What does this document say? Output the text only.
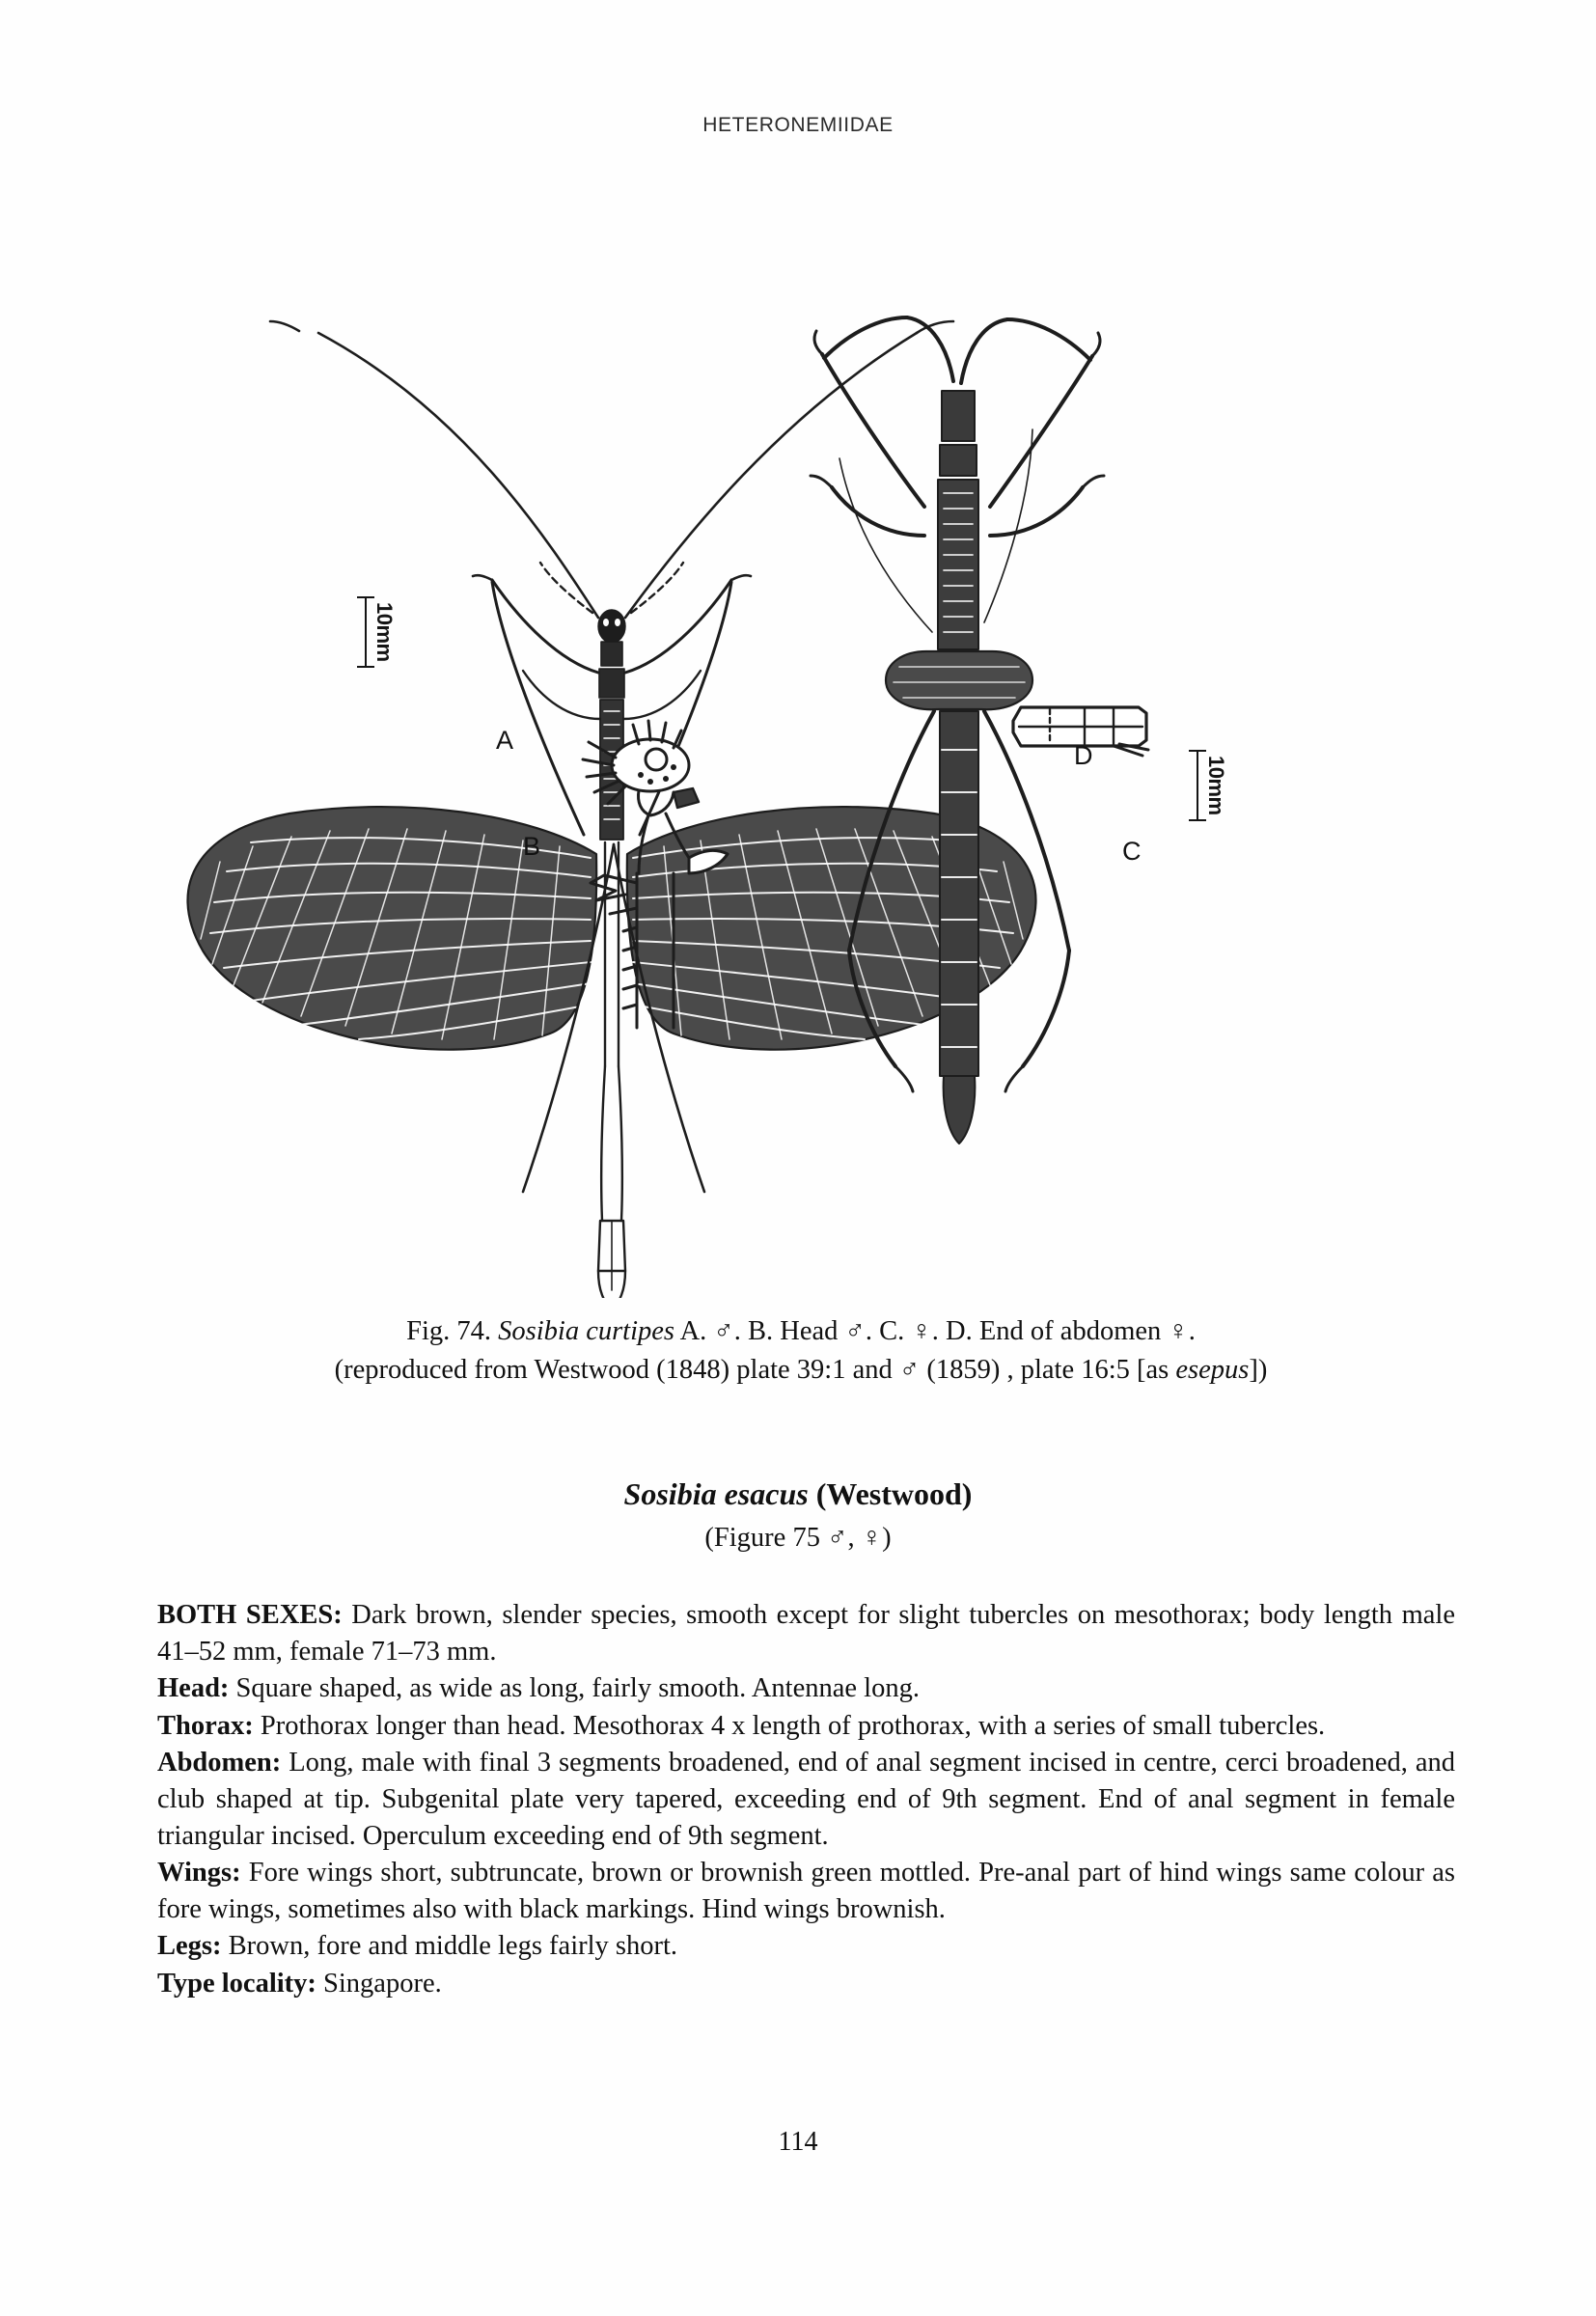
HETERONEMIIDAE
A
B	C
D
10mm
10mm
Fig. 74. Sosibia curtipes A. ♂. B. Head ♂. C. ♀. D. End of abdomen ♀.
(reproduced from Westwood (1848) plate 39:1 and ♂ (1859) , plate 16:5 [as esepus])
Sosibia esacus (Westwood)
(Figure 75 ♂, ♀)

BOTH SEXES: Dark brown, slender species, smooth except for slight tubercles on mesothorax; body length male 41–52 mm, female 71–73 mm.

Head: Square shaped, as wide as long, fairly smooth. Antennae long.

Thorax: Prothorax longer than head. Mesothorax 4 x length of prothorax, with a series of small tubercles.

Abdomen: Long, male with final 3 segments broadened, end of anal segment incised in centre, cerci broadened, and club shaped at tip. Subgenital plate very tapered, exceeding end of 9th segment. End of anal segment in female triangular incised. Operculum exceeding end of 9th segment.

Wings: Fore wings short, subtruncate, brown or brownish green mottled. Pre-anal part of hind wings same colour as fore wings, sometimes also with black markings. Hind wings brownish.

Legs: Brown, fore and middle legs fairly short.

Type locality: Singapore.

114
